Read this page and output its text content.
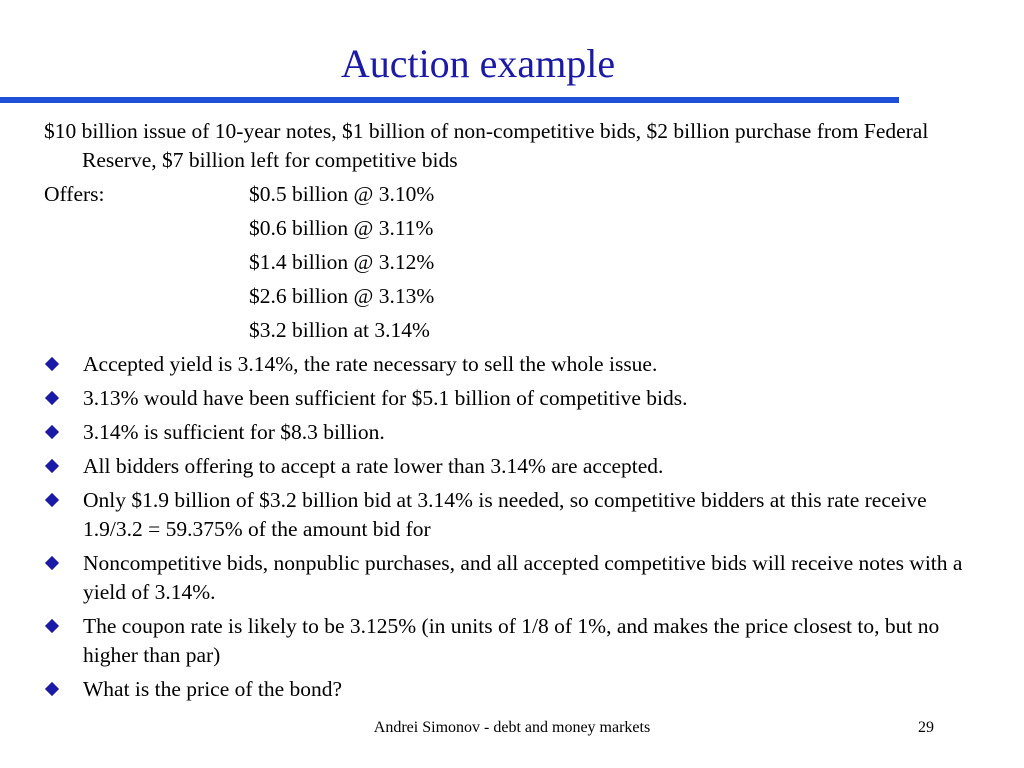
Auction example

$10 billion issue of 10-year notes, $1 billion of non-competitive bids, $2 billion purchase from Federal Reserve, $7 billion left for competitive bids

Offers:	$0.5 billion @ 3.10%
$0.6 billion @ 3.11%
$1.4 billion @ 3.12%
$2.6 billion @ 3.13%
$3.2 billion at 3.14%
Accepted yield is 3.14%, the rate necessary to sell the whole issue.
3.13% would have been sufficient for $5.1 billion of competitive bids.
3.14% is sufficient for $8.3 billion.
All bidders offering to accept a rate lower than 3.14% are accepted.
Only $1.9 billion of $3.2 billion bid at 3.14% is needed, so competitive bidders at this rate receive 1.9/3.2 = 59.375% of the amount bid for
Noncompetitive bids, nonpublic purchases, and all accepted competitive bids will receive notes with a yield of 3.14%.
The coupon rate is likely to be 3.125% (in units of 1/8 of 1%, and makes the price closest to, but no higher than par)
What is the price of the bond?
Andrei Simonov - debt and money markets	29
